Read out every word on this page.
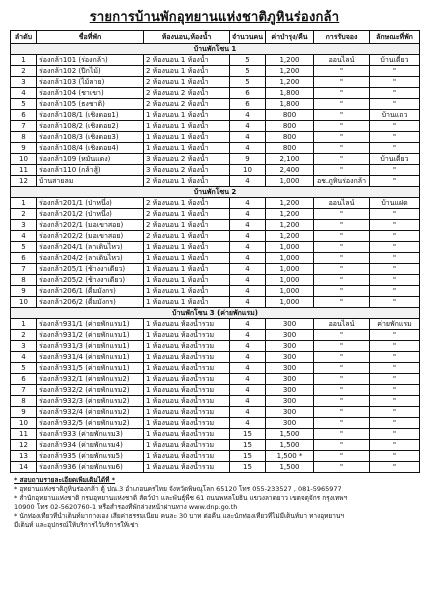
รายการบ้านพักอุทยานแห่งชาติภูหินร่องกล้า
ลำดับ	ชื่อที่พัก	ห้องนอน,ห้องน้ำ	จำนวนคน	ค่าบำรุง/คืน	การรับจอง	ลักษณะที่พัก
บ้านพักโซน 1						
1	ร่องกล้า101 (ร่องกล้า)	2 ห้องนอน 1 ห้องน้ำ	5	1,200	ออนไลน์	บ้านเดี่ยว
2	ร่องกล้า102 (ปีกไม้)	2 ห้องนอน 1 ห้องน้ำ	5	1,200	"	"
3	ร่องกล้า103 (ไม้ลาย)	2 ห้องนอน 1 ห้องน้ำ	5	1,200	"	"
4	ร่องกล้า104 (ชาเขา)	2 ห้องนอน 2 ห้องน้ำ	6	1,800	"	"
5	ร่องกล้า105 (ธงชาติ)	2 ห้องนอน 2 ห้องน้ำ	6	1,800	"	"
6	ร่องกล้า108/1 (เชิงดอย1)	1 ห้องนอน 1 ห้องน้ำ	4	800	"	บ้านแถว
7	ร่องกล้า108/2 (เชิงดอย2)	1 ห้องนอน 1 ห้องน้ำ	4	800	"	"
8	ร่องกล้า108/3 (เชิงดอย3)	1 ห้องนอน 1 ห้องน้ำ	4	800	"	"
9	ร่องกล้า108/4 (เชิงดอย4)	1 ห้องนอน 1 ห้องน้ำ	4	800	"	"
10	ร่องกล้า109 (หมันแดง)	3 ห้องนอน 2 ห้องน้ำ	9	2,100	"	บ้านเดี่ยว
11	ร่องกล้า110 (กล้าสู้)	3 ห้องนอน 2 ห้องน้ำ	10	2,400	"	"
12	บ้านสายลม	2 ห้องนอน 1 ห้องน้ำ	4	1,000	อช.ภูหินร่องกล้า	"
บ้านพักโซน 2						
1	ร่องกล้า201/1 (ป่าหนึ่ง)	2 ห้องนอน 1 ห้องน้ำ	4	1,200	ออนไลน์	บ้านแฝด
2	ร่องกล้า201/2 (ป่าหนึ่ง)	2 ห้องนอน 1 ห้องน้ำ	4	1,200	"	"
3	ร่องกล้า202/1 (มอเขาสอย)	2 ห้องนอน 1 ห้องน้ำ	4	1,200	"	"
4	ร่องกล้า202/2 (มอเขาสอย)	2 ห้องนอน 1 ห้องน้ำ	4	1,200	"	"
5	ร่องกล้า204/1 (ลาเดินไหว)	1 ห้องนอน 1 ห้องน้ำ	4	1,000	"	"
6	ร่องกล้า204/2 (ลาเดินไหว)	1 ห้องนอน 1 ห้องน้ำ	4	1,000	"	"
7	ร่องกล้า205/1 (ช้างงาเดียว)	1 ห้องนอน 1 ห้องน้ำ	4	1,000	"	"
8	ร่องกล้า205/2 (ช้างงาเดียว)	1 ห้องนอน 1 ห้องน้ำ	4	1,000	"	"
9	ร่องกล้า206/1 (ดื่มมังกร)	1 ห้องนอน 1 ห้องน้ำ	4	1,000	"	"
10	ร่องกล้า206/2 (ดื่มมังกร)	1 ห้องนอน 1 ห้องน้ำ	4	1,000	"	"
บ้านพักโซน 3 (ค่ายพักแรม)						
1	ร่องกล้า931/1 (ค่ายพักแรม1)	1 ห้องนอน ห้องน้ำรวม	4	300	ออนไลน์	ค่ายพักแรม
2	ร่องกล้า931/2 (ค่ายพักแรม1)	1 ห้องนอน ห้องน้ำรวม	4	300	"	"
3	ร่องกล้า931/3 (ค่ายพักแรม1)	1 ห้องนอน ห้องน้ำรวม	4	300	"	"
4	ร่องกล้า931/4 (ค่ายพักแรม1)	1 ห้องนอน ห้องน้ำรวม	4	300	"	"
5	ร่องกล้า931/5 (ค่ายพักแรม1)	1 ห้องนอน ห้องน้ำรวม	4	300	"	"
6	ร่องกล้า932/1 (ค่ายพักแรม2)	1 ห้องนอน ห้องน้ำรวม	4	300	"	"
7	ร่องกล้า932/2 (ค่ายพักแรม2)	1 ห้องนอน ห้องน้ำรวม	4	300	"	"
8	ร่องกล้า932/3 (ค่ายพักแรม2)	1 ห้องนอน ห้องน้ำรวม	4	300	"	"
9	ร่องกล้า932/4 (ค่ายพักแรม2)	1 ห้องนอน ห้องน้ำรวม	4	300	"	"
10	ร่องกล้า932/5 (ค่ายพักแรม2)	1 ห้องนอน ห้องน้ำรวม	4	300	"	"
11	ร่องกล้า933 (ค่ายพักแรม3)	1 ห้องนอน ห้องน้ำรวม	15	1,500	"	"
12	ร่องกล้า934 (ค่ายพักแรม4)	1 ห้องนอน ห้องน้ำรวม	15	1,500	"	"
13	ร่องกล้า935 (ค่ายพักแรม5)	1 ห้องนอน ห้องน้ำรวม	15	1,500 *	"	"
14	ร่องกล้า936 (ค่ายพักแรม6)	1 ห้องนอน ห้องน้ำรวม	15	1,500	"	"
* สอบถามรายละเอียดเพิ่มเติมได้ที่ *
* อุทยานแห่งชาติภูหินร่องกล้า ตู้ ปณ.3 อำเภอนครไทย จังหวัดพิษณุโลก 65120 โทร 055-233527 , 081-5965977
* สำนักอุทยานแห่งชาติ กรมอุทยานแห่งชาติ สัตว์ป่า และพันธุ์พืช 61 ถนนพหลโยธิน แขวงลาดยาว เขตจตุจักร กรุงเทพฯ
10900 โทร 02-5620760-1 หรือสำรองที่พักล่วงหน้าผ่านทาง www.dnp.go.th
* นักท่องเที่ยวที่นำเต็นท์มากางเอง เสียค่าธรรมเนียม คนละ 30 บาท ต่อคืน และนักท่องเที่ยวที่ไม่มีเต็นท์มา ทางอุทยานฯ
มีเต็นท์ และอุปกรณ์ให้บริการไว้บริการให้เช่า
